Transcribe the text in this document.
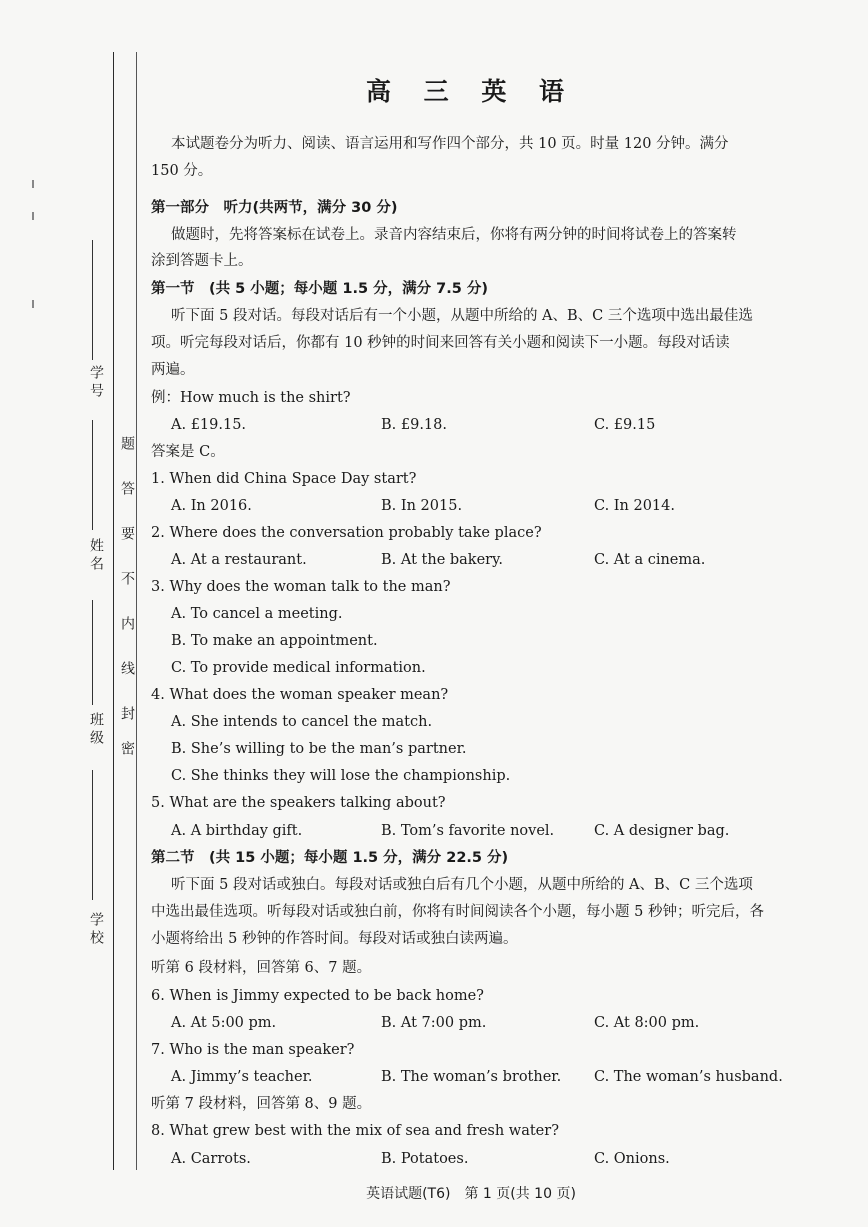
学号
姓名
班级
学校
题
答
要
不
内
线
封
密
高 三 英 语
本试题卷分为听力、阅读、语言运用和写作四个部分，共 10 页。时量 120 分钟。满分
150 分。
第一部分　听力(共两节，满分 30 分)
做题时，先将答案标在试卷上。录音内容结束后，你将有两分钟的时间将试卷上的答案转
涂到答题卡上。
第一节　(共 5 小题；每小题 1.5 分，满分 7.5 分)
听下面 5 段对话。每段对话后有一个小题，从题中所给的 A、B、C 三个选项中选出最佳选
项。听完每段对话后，你都有 10 秒钟的时间来回答有关小题和阅读下一小题。每段对话读
两遍。
例：How much is the shirt?
A. £19.15.	B. £9.18.	C. £9.15
答案是 C。
1. When did China Space Day start?
A. In 2016.	B. In 2015.	C. In 2014.
2. Where does the conversation probably take place?
A. At a restaurant.	B. At the bakery.	C. At a cinema.
3. Why does the woman talk to the man?
A. To cancel a meeting.
B. To make an appointment.
C. To provide medical information.
4. What does the woman speaker mean?
A. She intends to cancel the match.
B. She’s willing to be the man’s partner.
C. She thinks they will lose the championship.
5. What are the speakers talking about?
A. A birthday gift.	B. Tom’s favorite novel.	C. A designer bag.
第二节　(共 15 小题；每小题 1.5 分，满分 22.5 分)
听下面 5 段对话或独白。每段对话或独白后有几个小题，从题中所给的 A、B、C 三个选项
中选出最佳选项。听每段对话或独白前，你将有时间阅读各个小题，每小题 5 秒钟；听完后，各
小题将给出 5 秒钟的作答时间。每段对话或独白读两遍。
听第 6 段材料，回答第 6、7 题。
6. When is Jimmy expected to be back home?
A. At 5:00 pm.	B. At 7:00 pm.	C. At 8:00 pm.
7. Who is the man speaker?
A. Jimmy’s teacher.	B. The woman’s brother. C. The woman’s husband.
听第 7 段材料，回答第 8、9 题。
8. What grew best with the mix of sea and fresh water?
A. Carrots.	B. Potatoes.	C. Onions.
英语试题(T6)　第 1 页(共 10 页)
